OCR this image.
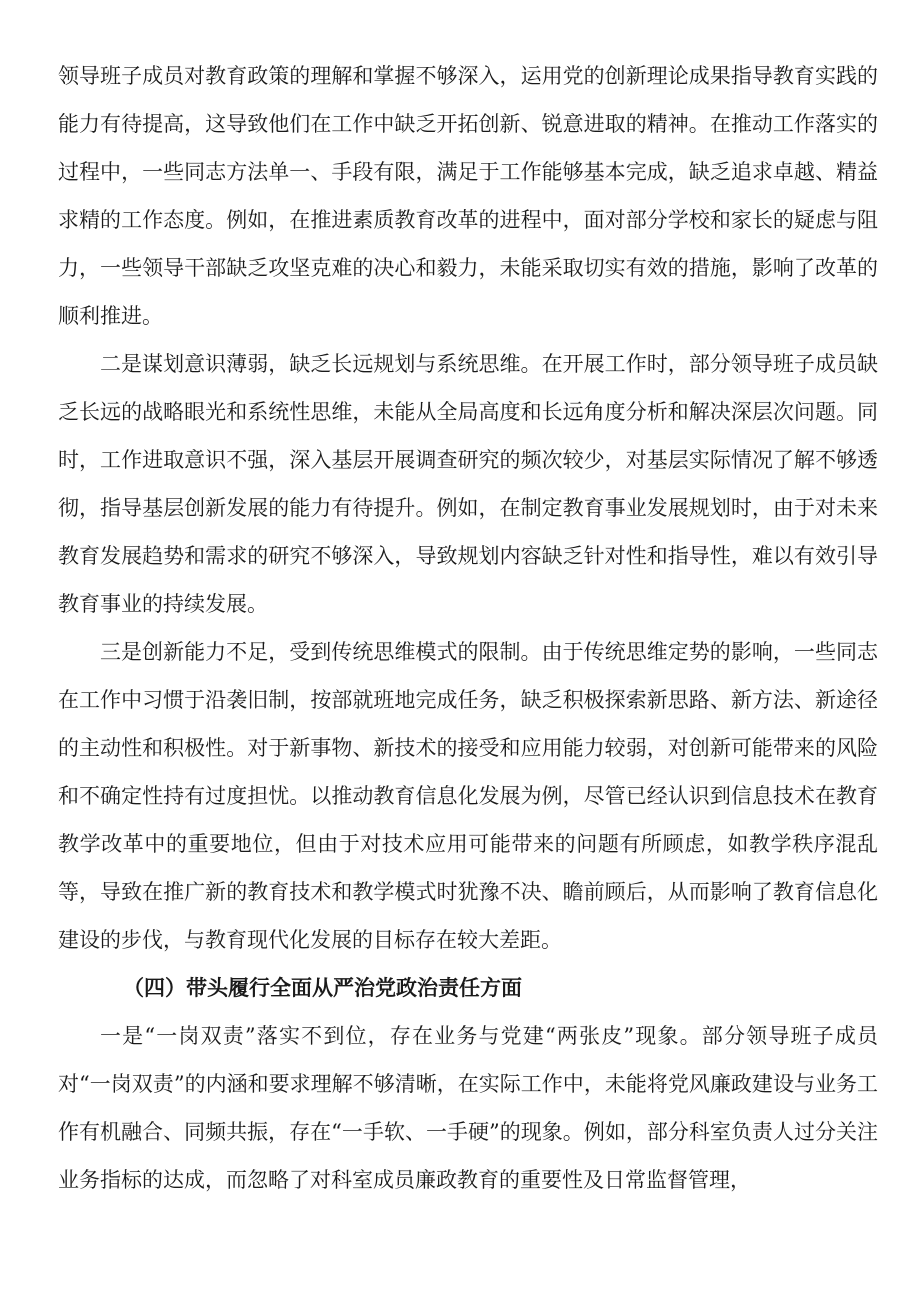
领导班子成员对教育政策的理解和掌握不够深入，运用党的创新理论成果指导教育实践的能力有待提高，这导致他们在工作中缺乏开拓创新、锐意进取的精神。在推动工作落实的过程中，一些同志方法单一、手段有限，满足于工作能够基本完成，缺乏追求卓越、精益求精的工作态度。例如，在推进素质教育改革的进程中，面对部分学校和家长的疑虑与阻力，一些领导干部缺乏攻坚克难的决心和毅力，未能采取切实有效的措施，影响了改革的顺利推进。

二是谋划意识薄弱，缺乏长远规划与系统思维。在开展工作时，部分领导班子成员缺乏长远的战略眼光和系统性思维，未能从全局高度和长远角度分析和解决深层次问题。同时，工作进取意识不强，深入基层开展调查研究的频次较少，对基层实际情况了解不够透彻，指导基层创新发展的能力有待提升。例如，在制定教育事业发展规划时，由于对未来教育发展趋势和需求的研究不够深入，导致规划内容缺乏针对性和指导性，难以有效引导教育事业的持续发展。

三是创新能力不足，受到传统思维模式的限制。由于传统思维定势的影响，一些同志在工作中习惯于沿袭旧制，按部就班地完成任务，缺乏积极探索新思路、新方法、新途径的主动性和积极性。对于新事物、新技术的接受和应用能力较弱，对创新可能带来的风险和不确定性持有过度担忧。以推动教育信息化发展为例，尽管已经认识到信息技术在教育教学改革中的重要地位，但由于对技术应用可能带来的问题有所顾虑，如教学秩序混乱等，导致在推广新的教育技术和教学模式时犹豫不决、瞻前顾后，从而影响了教育信息化建设的步伐，与教育现代化发展的目标存在较大差距。

（四）带头履行全面从严治党政治责任方面

一是“一岗双责”落实不到位，存在业务与党建“两张皮”现象。部分领导班子成员对“一岗双责”的内涵和要求理解不够清晰，在实际工作中，未能将党风廉政建设与业务工作有机融合、同频共振，存在“一手软、一手硬”的现象。例如，部分科室负责人过分关注业务指标的达成，而忽略了对科室成员廉政教育的重要性及日常监督管理，
